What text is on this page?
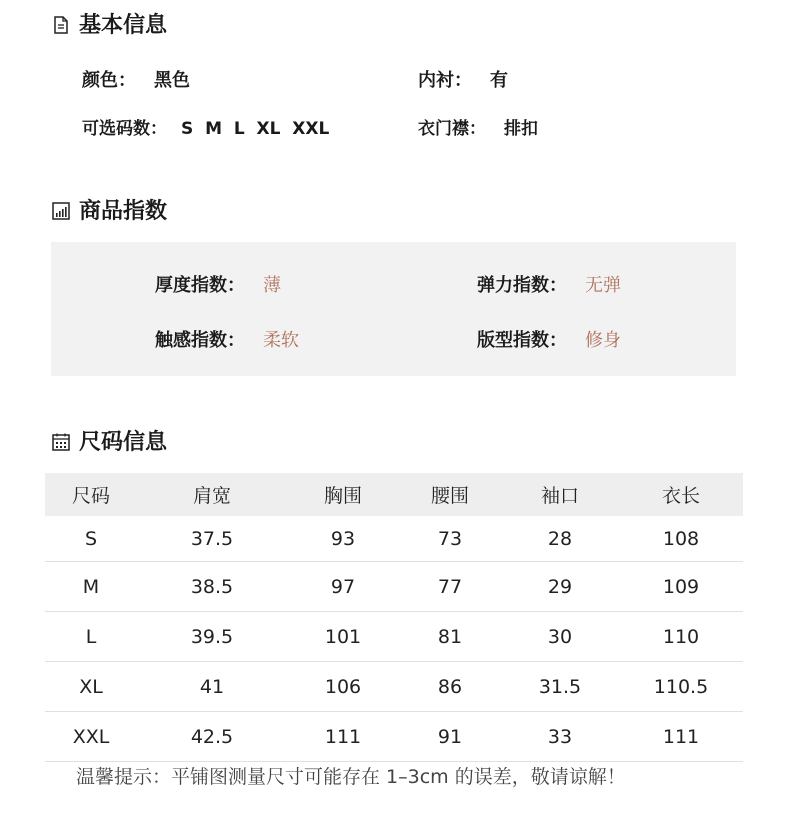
基本信息
颜色： 黑色	内衬： 有
可选码数： S  M  L  XL  XXL	衣门襟： 排扣
商品指数
厚度指数： 薄	弹力指数： 无弹
触感指数： 柔软	版型指数： 修身
尺码信息
尺码	肩宽	胸围	腰围	袖口	衣长
S	37.5	93	73	28	108
M	38.5	97	77	29	109
L	39.5	101	81	30	110
XL	41	106	86	31.5	110.5
XXL	42.5	111	91	33	111
温馨提示：平铺图测量尺寸可能存在 1–3cm 的误差，敬请谅解！
